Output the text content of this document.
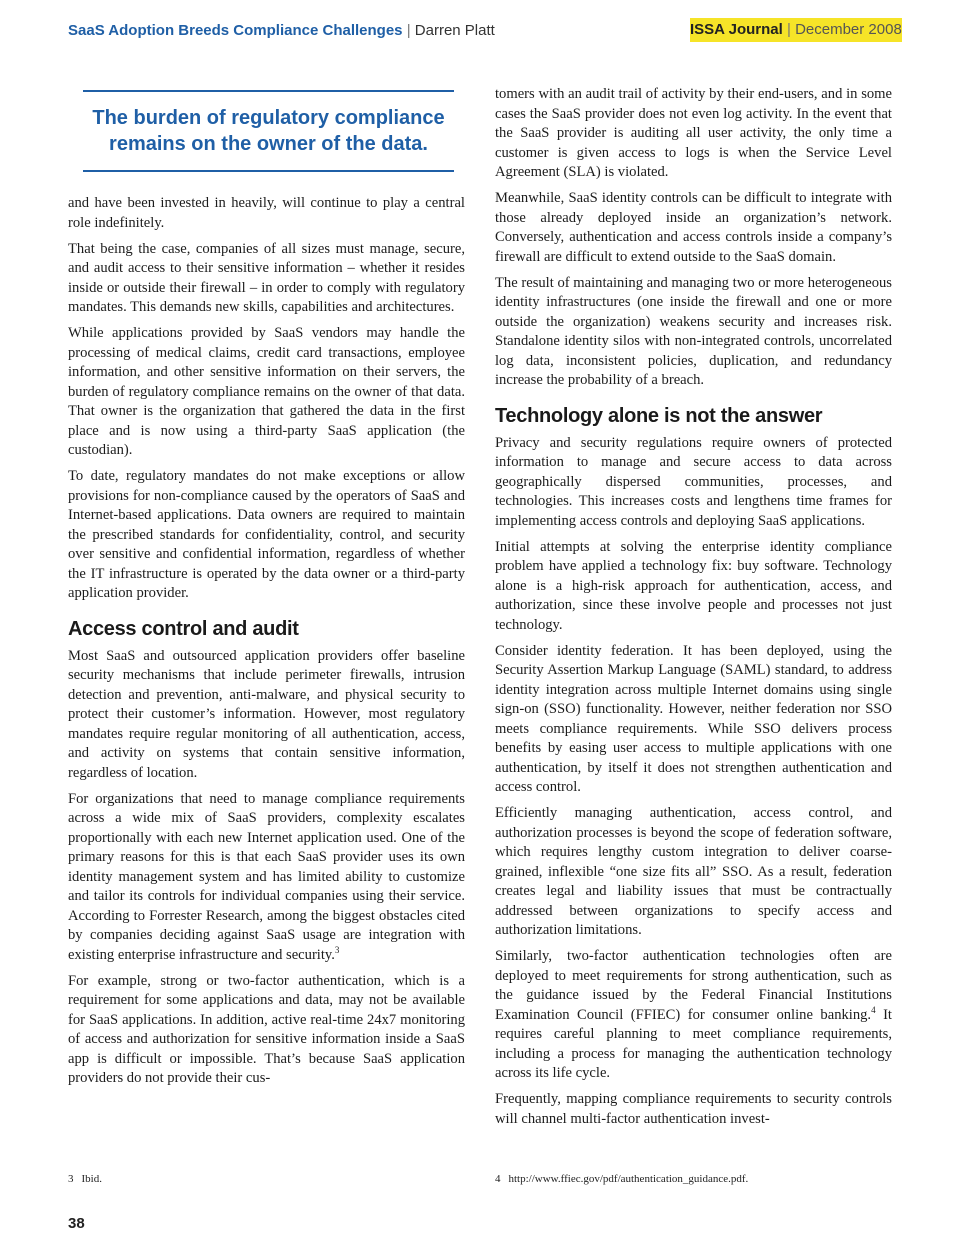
SaaS Adoption Breeds Compliance Challenges | Darren Platt	ISSA Journal | December 2008

The burden of regulatory compliance remains on the owner of the data.

and have been invested in heavily, will continue to play a central role indefinitely.

That being the case, companies of all sizes must manage, secure, and audit access to their sensitive information – whether it resides inside or outside their firewall – in order to comply with regulatory mandates. This demands new skills, capabilities and architectures.

While applications provided by SaaS vendors may handle the processing of medical claims, credit card transactions, employee information, and other sensitive information on their servers, the burden of regulatory compliance remains on the owner of that data. That owner is the organization that gathered the data in the first place and is now using a third-party SaaS application (the custodian).

To date, regulatory mandates do not make exceptions or allow provisions for non-compliance caused by the operators of SaaS and Internet-based applications. Data owners are required to maintain the prescribed standards for confidentiality, control, and security over sensitive and confidential information, regardless of whether the IT infrastructure is operated by the data owner or a third-party application provider.

Access control and audit

Most SaaS and outsourced application providers offer baseline security mechanisms that include perimeter firewalls, intrusion detection and prevention, anti-malware, and physical security to protect their customer’s information. However, most regulatory mandates require regular monitoring of all authentication, access, and activity on systems that contain sensitive information, regardless of location.

For organizations that need to manage compliance requirements across a wide mix of SaaS providers, complexity escalates proportionally with each new Internet application used. One of the primary reasons for this is that each SaaS provider uses its own identity management system and has limited ability to customize and tailor its controls for individual companies using their service. According to Forrester Research, among the biggest obstacles cited by companies deciding against SaaS usage are integration with existing enterprise infrastructure and security.$^3$

For example, strong or two-factor authentication, which is a requirement for some applications and data, may not be available for SaaS applications. In addition, active real-time 24x7 monitoring of access and authorization for sensitive information inside a SaaS app is difficult or impossible. That’s because SaaS application providers do not provide their cus-

tomers with an audit trail of activity by their end-users, and in some cases the SaaS provider does not even log activity. In the event that the SaaS provider is auditing all user activity, the only time a customer is given access to logs is when the Service Level Agreement (SLA) is violated.

Meanwhile, SaaS identity controls can be difficult to integrate with those already deployed inside an organization’s network. Conversely, authentication and access controls inside a company’s firewall are difficult to extend outside to the SaaS domain.

The result of maintaining and managing two or more heterogeneous identity infrastructures (one inside the firewall and one or more outside the organization) weakens security and increases risk. Standalone identity silos with non-integrated controls, uncorrelated log data, inconsistent policies, duplication, and redundancy increase the probability of a breach.

Technology alone is not the answer

Privacy and security regulations require owners of protected information to manage and secure access to data across geographically dispersed communities, processes, and technologies. This increases costs and lengthens time frames for implementing access controls and deploying SaaS applications.

Initial attempts at solving the enterprise identity compliance problem have applied a technology fix: buy software. Technology alone is a high-risk approach for authentication, access, and authorization, since these involve people and processes not just technology.

Consider identity federation. It has been deployed, using the Security Assertion Markup Language (SAML) standard, to address identity integration across multiple Internet domains using single sign-on (SSO) functionality. However, neither federation nor SSO meets compliance requirements. While SSO delivers process benefits by easing user access to multiple applications with one authentication, by itself it does not strengthen authentication and access control.

Efficiently managing authentication, access control, and authorization processes is beyond the scope of federation software, which requires lengthy custom integration to deliver coarse-grained, inflexible “one size fits all” SSO. As a result, federation creates legal and liability issues that must be contractually addressed between organizations to specify access and authorization limitations.

Similarly, two-factor authentication technologies often are deployed to meet requirements for strong authentication, such as the guidance issued by the Federal Financial Institutions Examination Council (FFIEC) for consumer online banking.$^4$ It requires careful planning to meet compliance requirements, including a process for managing the authentication technology across its life cycle.

Frequently, mapping compliance requirements to security controls will channel multi-factor authentication invest-

3 Ibid.	4 http://www.ffiec.gov/pdf/authentication_guidance.pdf.
38
